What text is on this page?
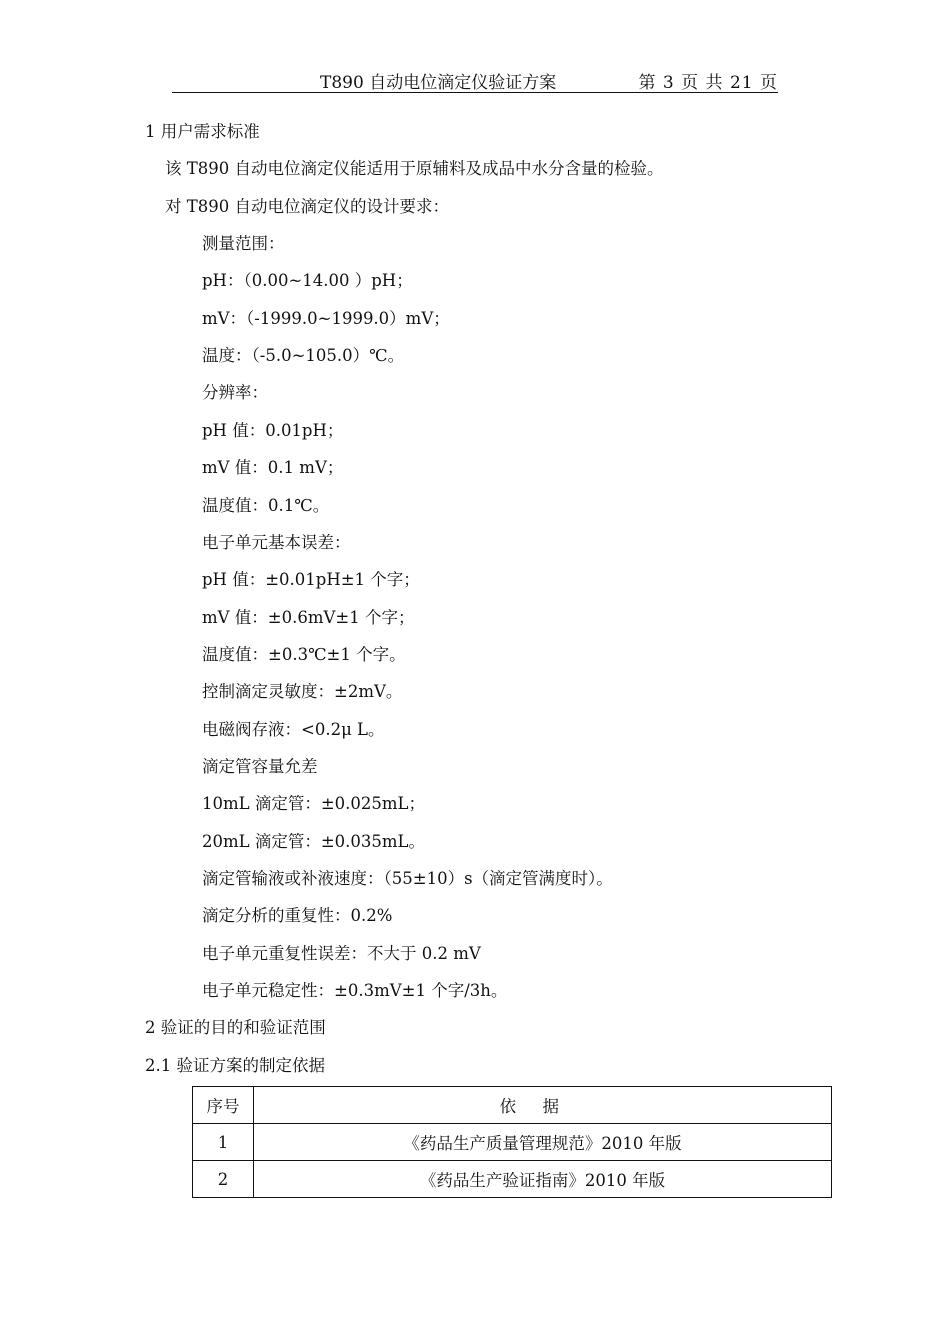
T890 自动电位滴定仪验证方案	第 3 页 共 21 页
1 用户需求标准
该 T890 自动电位滴定仪能适用于原辅料及成品中水分含量的检验。
对 T890 自动电位滴定仪的设计要求：
测量范围：
pH：（0.00~14.00 ）pH；
mV：（-1999.0~1999.0）mV；
温度：（-5.0~105.0）℃。
分辨率：
pH 值：0.01pH；
mV 值：0.1 mV；
温度值：0.1℃。
电子单元基本误差：
pH 值：±0.01pH±1 个字；
mV 值：±0.6mV±1 个字；
温度值：±0.3℃±1 个字。
控制滴定灵敏度：±2mV。
电磁阀存液：<0.2μ L。
滴定管容量允差
10mL 滴定管：±0.025mL；
20mL 滴定管：±0.035mL。
滴定管输液或补液速度：（55±10）s（滴定管满度时）。
滴定分析的重复性：0.2%
电子单元重复性误差：不大于 0.2 mV
电子单元稳定性：±0.3mV±1 个字/3h。
2 验证的目的和验证范围
2.1 验证方案的制定依据
序号	依据
1	《药品生产质量管理规范》2010 年版
2	《药品生产验证指南》2010 年版
